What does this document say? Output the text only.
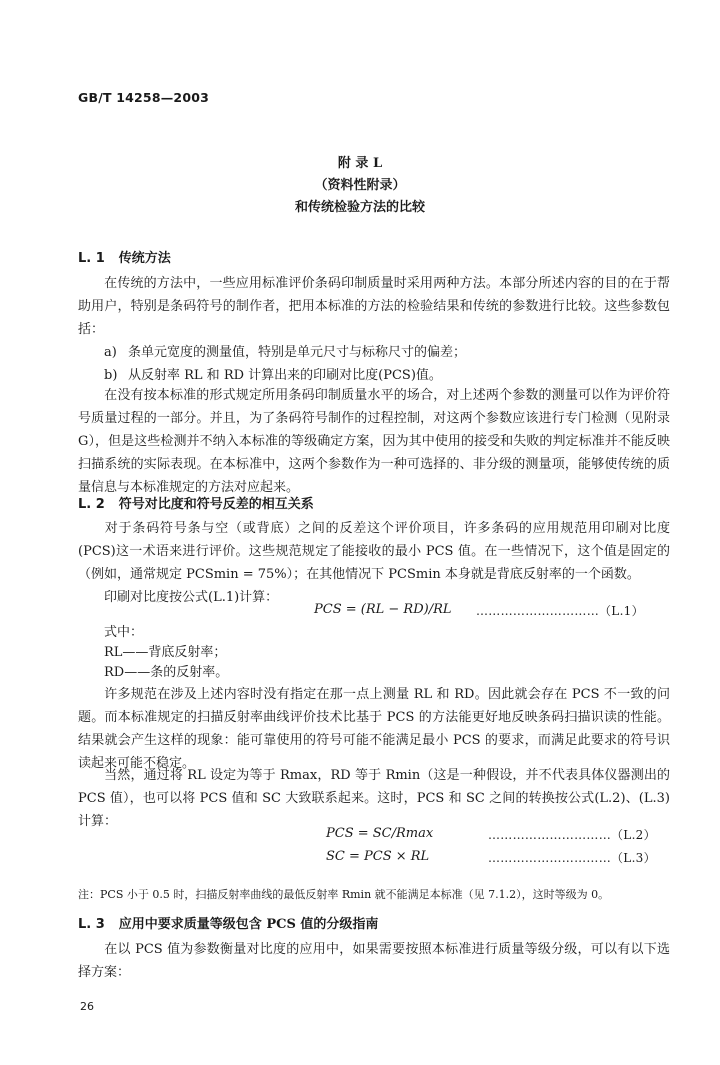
GB/T 14258—2003
附 录 L
（资料性附录）
和传统检验方法的比较
L. 1 传统方法
在传统的方法中，一些应用标准评价条码印制质量时采用两种方法。本部分所述内容的目的在于帮助用户，特别是条码符号的制作者，把用本标准的方法的检验结果和传统的参数进行比较。这些参数包括：
a) 条单元宽度的测量值，特别是单元尺寸与标称尺寸的偏差；
b) 从反射率 RL 和 RD 计算出来的印刷对比度(PCS)值。
在没有按本标准的形式规定所用条码印制质量水平的场合，对上述两个参数的测量可以作为评价符号质量过程的一部分。并且，为了条码符号制作的过程控制，对这两个参数应该进行专门检测（见附录 G），但是这些检测并不纳入本标准的等级确定方案，因为其中使用的接受和失败的判定标准并不能反映扫描系统的实际表现。在本标准中，这两个参数作为一种可选择的、非分级的测量项，能够使传统的质量信息与本标准规定的方法对应起来。
L. 2 符号对比度和符号反差的相互关系
对于条码符号条与空（或背底）之间的反差这个评价项目，许多条码的应用规范用印刷对比度(PCS)这一术语来进行评价。这些规范规定了能接收的最小 PCS 值。在一些情况下，这个值是固定的（例如，通常规定 PCSmin = 75%）；在其他情况下 PCSmin 本身就是背底反射率的一个函数。
印刷对比度按公式(L.1)计算：
PCS = (RL − RD)/RL …………………………（L.1）
式中：
RL——背底反射率；
RD——条的反射率。
许多规范在涉及上述内容时没有指定在那一点上测量 RL 和 RD。因此就会存在 PCS 不一致的问题。而本标准规定的扫描反射率曲线评价技术比基于 PCS 的方法能更好地反映条码扫描识读的性能。结果就会产生这样的现象：能可靠使用的符号可能不能满足最小 PCS 的要求，而满足此要求的符号识读起来可能不稳定。
当然，通过将 RL 设定为等于 Rmax，RD 等于 Rmin（这是一种假设，并不代表具体仪器测出的 PCS 值），也可以将 PCS 值和 SC 大致联系起来。这时，PCS 和 SC 之间的转换按公式(L.2)、(L.3)计算：
PCS = SC/Rmax	…………………………（L.2）
SC = PCS × RL	…………………………（L.3）
注：PCS 小于 0.5 时，扫描反射率曲线的最低反射率 Rmin 就不能满足本标准（见 7.1.2），这时等级为 0。
L. 3 应用中要求质量等级包含 PCS 值的分级指南
在以 PCS 值为参数衡量对比度的应用中，如果需要按照本标准进行质量等级分级，可以有以下选择方案：
26
